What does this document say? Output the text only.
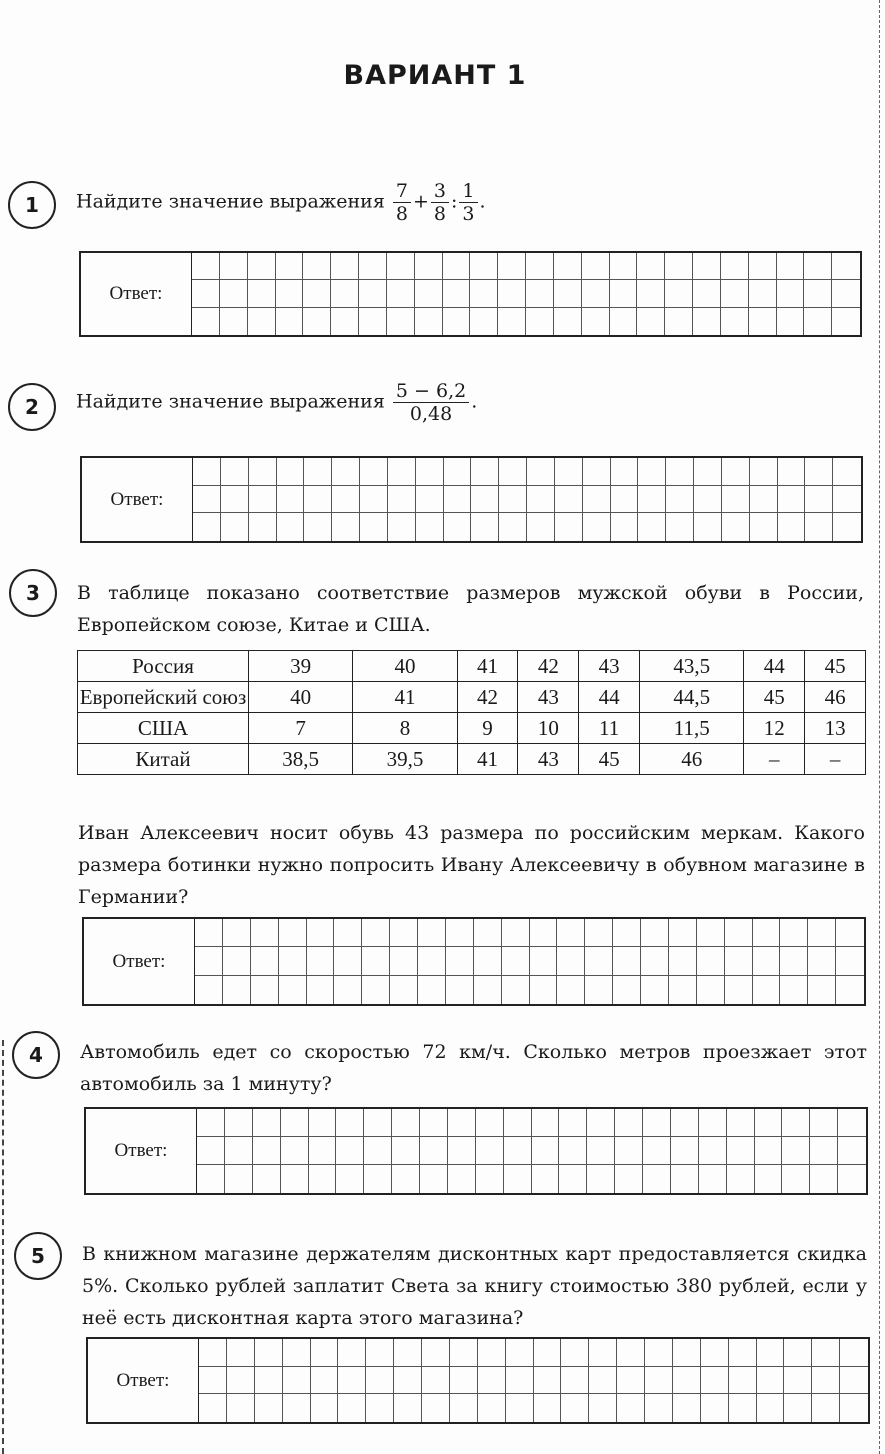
ВАРИАНТ 1
1	Найдите значение выражения $\frac{7}{8} + \frac{3}{8}$ : $\frac{1}{3}$ .
Ответ:
2	Найдите значение выражения $\frac{5 - 6,2}{0,48}$ .
Ответ:
3	В таблице показано соответствие размеров мужской обуви в России, Европейском союзе, Китае и США.
Россия	39	40	41	42	43	43,5	44	45
Европейский союз	40	41	42	43	44	44,5	45	46
США	7	8	9	10	11	11,5	12	13
Китай	38,5	39,5	41	43	45	46	–	–
Иван Алексеевич носит обувь 43 размера по российским меркам. Какого размера ботинки нужно попросить Ивану Алексеевичу в обувном магазине в Германии?
Ответ:
4	Автомобиль едет со скоростью 72 км/ч. Сколько метров проезжает этот автомобиль за 1 минуту?
Ответ:
5	В книжном магазине держателям дисконтных карт предоставляется скидка 5%. Сколько рублей заплатит Света за книгу стоимостью 380 рублей, если у неё есть дисконтная карта этого магазина?
Ответ:
